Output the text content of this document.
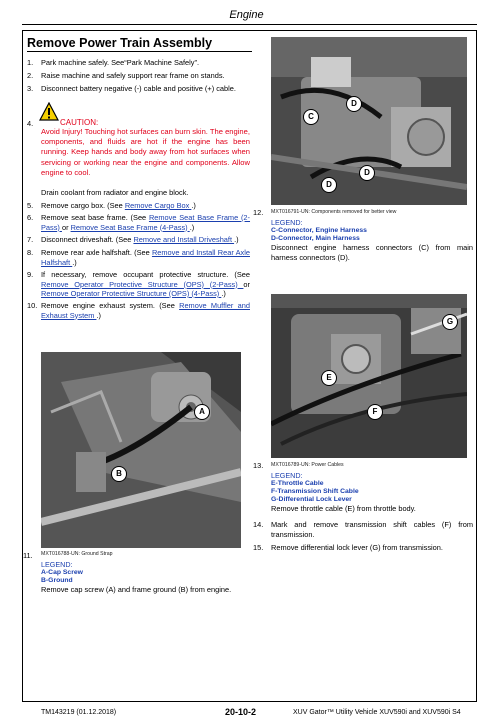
Engine
Remove Power Train Assembly
1. Park machine safely. See“Park Machine Safely”.
2. Raise machine and safely support rear frame on stands.
3. Disconnect battery negative (-) cable and positive (+) cable.
4.	CAUTION:
Avoid Injury! Touching hot surfaces can burn skin. The engine, components, and fluids are hot if the engine has been running. Keep hands and body away from hot surfaces when servicing or working near the engine and components. Allow engine to cool.
Drain coolant from radiator and engine block.
5. Remove cargo box. (See Remove Cargo Box .)
6. Remove seat base frame. (See Remove Seat Base Frame (2-Pass) or Remove Seat Base Frame (4-Pass) .)
7. Disconnect driveshaft. (See Remove and Install Driveshaft .)
8. Remove rear axle halfshaft. (See Remove and Install Rear Axle Halfshaft .)
9. If necessary, remove occupant protective structure. (See Remove Operator Protective Structure (OPS) (2-Pass) or Remove Operator Protective Structure (OPS) (4-Pass) .)
10. Remove engine exhaust system. (See Remove Muffler and Exhaust System .)
A
B
11. MXT016788-UN: Ground Strap
LEGEND:
A-Cap Screw
B-Ground
Remove cap screw (A) and frame ground (B) from engine.
D
C
D
D
12. MXT016791-UN: Components removed for better view
LEGEND:
C-Connector, Engine Harness
D-Connector, Main Harness
Disconnect engine harness connectors (C) from main harness connectors (D).
G
E
F
13. MXT016789-UN: Power Cables
LEGEND:
E-Throttle Cable
F-Transmission Shift Cable
G-Differential Lock Lever
Remove throttle cable (E) from throttle body.
14. Mark and remove transmission shift cables (F) from transmission.
15. Remove differential lock lever (G) from transmission.
TM143219 (01.12.2018)	20-10-2	XUV Gator™ Utility Vehicle XUV590i and XUV590i S4
